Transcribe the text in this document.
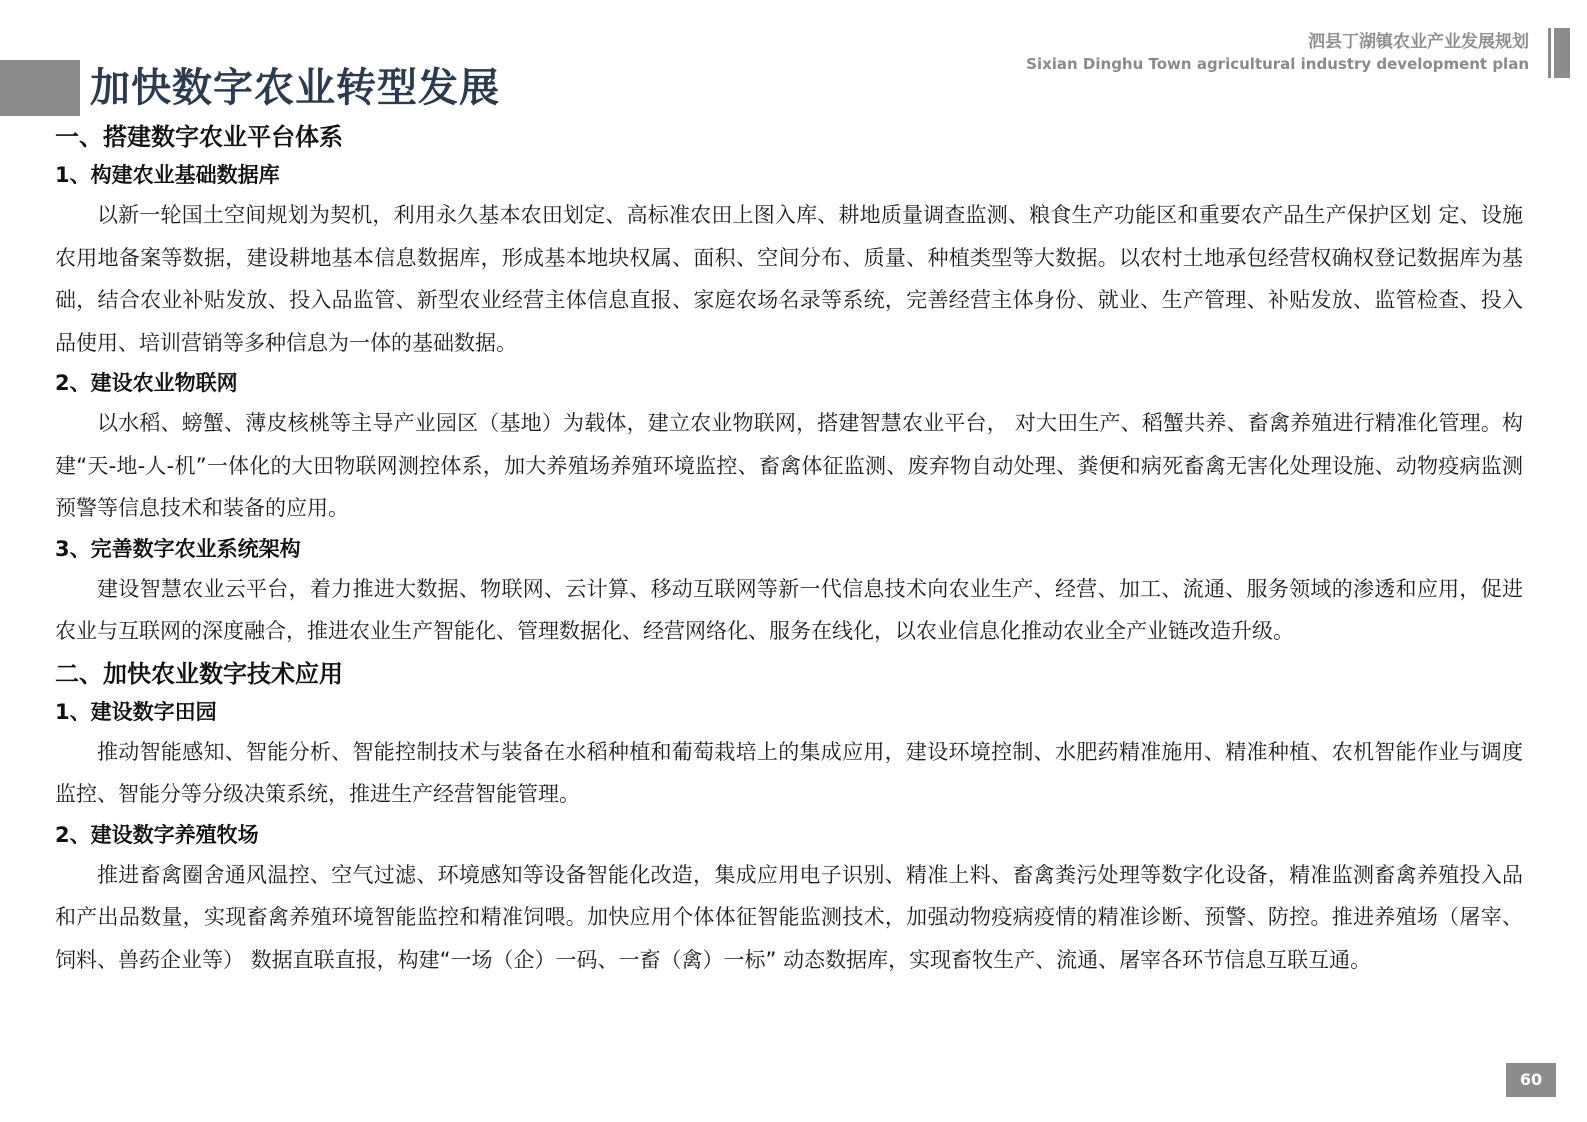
加快数字农业转型发展
泗县丁湖镇农业产业发展规划
Sixian Dinghu Town agricultural industry development plan
一、搭建数字农业平台体系
1、构建农业基础数据库

以新一轮国土空间规划为契机，利用永久基本农田划定、高标准农田上图入库、耕地质量调查监测、粮食生产功能区和重要农产品生产保护区划 定、设施农用地备案等数据，建设耕地基本信息数据库，形成基本地块权属、面积、空间分布、质量、种植类型等大数据。以农村土地承包经营权确权登记数据库为基础，结合农业补贴发放、投入品监管、新型农业经营主体信息直报、家庭农场名录等系统，完善经营主体身份、就业、生产管理、补贴发放、监管检查、投入品使用、培训营销等多种信息为一体的基础数据。

2、建设农业物联网

以水稻、螃蟹、薄皮核桃等主导产业园区（基地）为载体，建立农业物联网，搭建智慧农业平台， 对大田生产、稻蟹共养、畜禽养殖进行精准化管理。构建“天-地-人-机”一体化的大田物联网测控体系，加大养殖场养殖环境监控、畜禽体征监测、废弃物自动处理、粪便和病死畜禽无害化处理设施、动物疫病监测预警等信息技术和装备的应用。

3、完善数字农业系统架构

建设智慧农业云平台，着力推进大数据、物联网、云计算、移动互联网等新一代信息技术向农业生产、经营、加工、流通、服务领域的渗透和应用，促进农业与互联网的深度融合，推进农业生产智能化、管理数据化、经营网络化、服务在线化，以农业信息化推动农业全产业链改造升级。

二、加快农业数字技术应用
1、建设数字田园

推动智能感知、智能分析、智能控制技术与装备在水稻种植和葡萄栽培上的集成应用，建设环境控制、水肥药精准施用、精准种植、农机智能作业与调度监控、智能分等分级决策系统，推进生产经营智能管理。

2、建设数字养殖牧场

推进畜禽圈舍通风温控、空气过滤、环境感知等设备智能化改造，集成应用电子识别、精准上料、畜禽粪污处理等数字化设备，精准监测畜禽养殖投入品和产出品数量，实现畜禽养殖环境智能监控和精准饲喂。加快应用个体体征智能监测技术，加强动物疫病疫情的精准诊断、预警、防控。推进养殖场（屠宰、饲料、兽药企业等） 数据直联直报，构建“一场（企）一码、一畜（禽）一标” 动态数据库，实现畜牧生产、流通、屠宰各环节信息互联互通。

60
